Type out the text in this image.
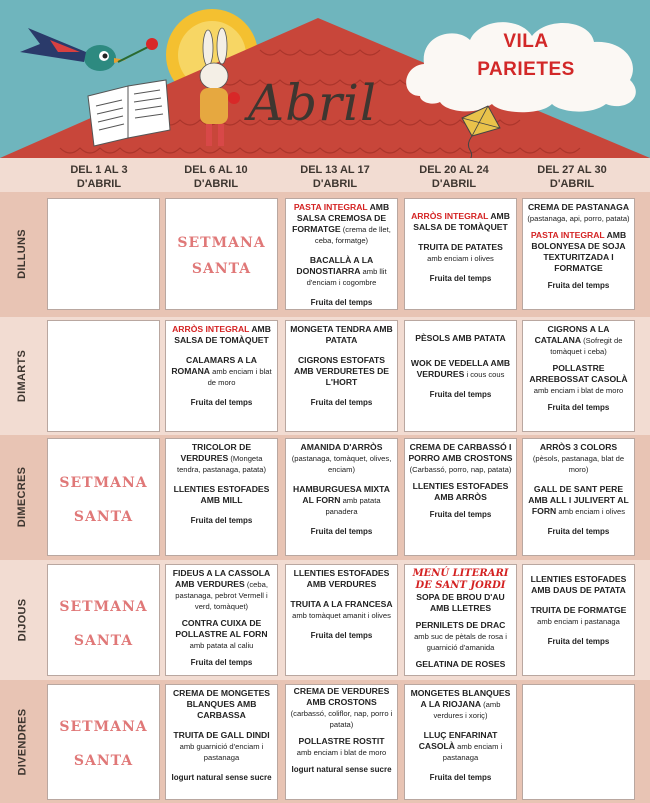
VILA
PARIETES
Abril
DEL 1 AL 3
D'ABRIL
DEL 6 AL 10
D'ABRIL
DEL 13 AL 17
D'ABRIL
DEL 20 AL 24
D'ABRIL
DEL 27 AL 30
D'ABRIL
DILLUNS
DIMARTS
DIMECRES
DIJOUS
DIVENDRES
SETMANA
SANTA

PASTA INTEGRAL AMB SALSA CREMOSA DE FORMATGE (crema de llet, ceba, formatge)

BACALLÀ A LA DONOSTIARRA amb llit d'enciam i cogombre

Fruita del temps

ARRÒS INTEGRAL AMB SALSA DE TOMÀQUET

TRUITA DE PATATES
amb enciam i olives

Fruita del temps

CREMA DE PASTANAGA (pastanaga, api, porro, patata)

PASTA INTEGRAL AMB BOLONYESA DE SOJA TEXTURITZADA I FORMATGE

Fruita del temps

ARRÒS INTEGRAL AMB SALSA DE TOMÀQUET

CALAMARS A LA ROMANA amb enciam i blat de moro

Fruita del temps

MONGETA TENDRA AMB PATATA

CIGRONS ESTOFATS AMB VERDURETES DE L'HORT

Fruita del temps

PÈSOLS AMB PATATA

WOK DE VEDELLA AMB VERDURES i cous cous

Fruita del temps

CIGRONS A LA CATALANA (Sofregit de tomàquet i ceba)

POLLASTRE ARREBOSSAT CASOLÀ amb enciam i blat de moro

Fruita del temps
SETMANA
SANTA

TRICOLOR DE VERDURES (Mongeta tendra, pastanaga, patata)

LLENTIES ESTOFADES AMB MILL

Fruita del temps

AMANIDA D'ARRÒS (pastanaga, tomàquet, olives, enciam)

HAMBURGUESA MIXTA AL FORN amb patata panadera

Fruita del temps

CREMA DE CARBASSÓ I PORRO AMB CROSTONS (Carbassó, porro, nap, patata)

LLENTIES ESTOFADES AMB ARRÒS

Fruita del temps

ARRÒS 3 COLORS (pèsols, pastanaga, blat de moro)

GALL DE SANT PERE AMB ALL I JULIVERT AL FORN amb enciam i olives

Fruita del temps
SETMANA
SANTA

FIDEUS A LA CASSOLA AMB VERDURES (ceba, pastanaga, pebrot Vermell i verd, tomàquet)

CONTRA CUIXA DE POLLASTRE AL FORN amb patata al caliu

Fruita del temps

LLENTIES ESTOFADES AMB VERDURES

TRUITA A LA FRANCESA amb tomàquet amanit i olives

Fruita del temps
MENÚ LITERARI DE SANT JORDI

SOPA DE BROU D'AU AMB LLETRES

PERNILETS DE DRAC amb suc de pètals de rosa i guarnició d'amanida

GELATINA DE ROSES

LLENTIES ESTOFADES AMB DAUS DE PATATA

TRUITA DE FORMATGE
amb enciam i pastanaga

Fruita del temps
SETMANA
SANTA

CREMA DE MONGETES BLANQUES AMB CARBASSA

TRUITA DE GALL DINDI
amb guarnició d'enciam i pastanaga

Iogurt natural sense sucre

CREMA DE VERDURES AMB CROSTONS
(carbassó, coliflor, nap, porro i patata)

POLLASTRE ROSTIT
amb enciam i blat de moro

Iogurt natural sense sucre

MONGETES BLANQUES A LA RIOJANA (amb verdures i xoriç)

LLUÇ ENFARINAT CASOLÀ amb enciam i pastanaga

Fruita del temps
